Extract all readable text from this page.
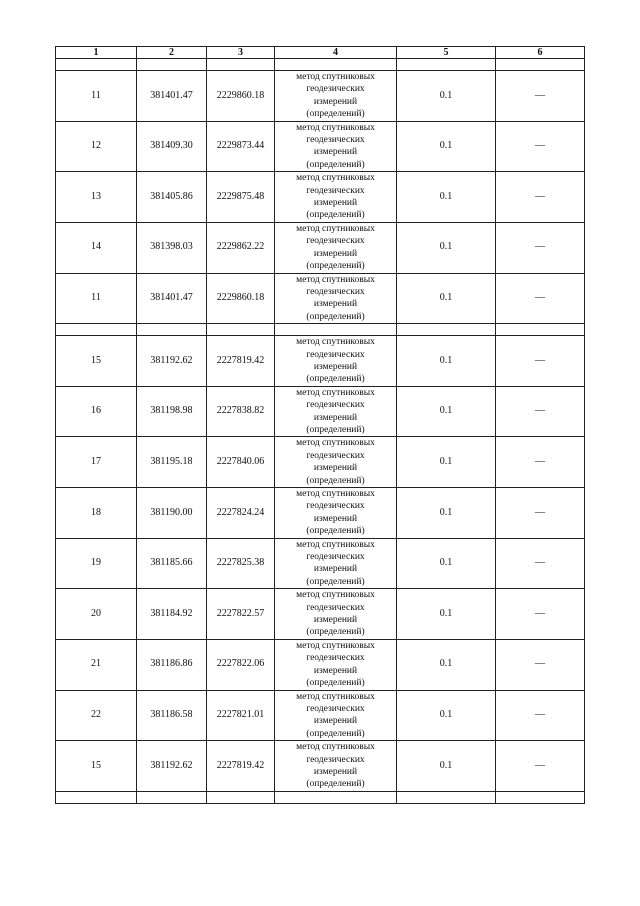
1	2	3	4	5	6

11	381401.47	2229860.18	метод спутниковых
геодезических
измерений
(определений)	0.1	—
12	381409.30	2229873.44	метод спутниковых
геодезических
измерений
(определений)	0.1	—
13	381405.86	2229875.48	метод спутниковых
геодезических
измерений
(определений)	0.1	—
14	381398.03	2229862.22	метод спутниковых
геодезических
измерений
(определений)	0.1	—
11	381401.47	2229860.18	метод спутниковых
геодезических
измерений
(определений)	0.1	—

15	381192.62	2227819.42	метод спутниковых
геодезических
измерений
(определений)	0.1	—
16	381198.98	2227838.82	метод спутниковых
геодезических
измерений
(определений)	0.1	—
17	381195.18	2227840.06	метод спутниковых
геодезических
измерений
(определений)	0.1	—
18	381190.00	2227824.24	метод спутниковых
геодезических
измерений
(определений)	0.1	—
19	381185.66	2227825.38	метод спутниковых
геодезических
измерений
(определений)	0.1	—
20	381184.92	2227822.57	метод спутниковых
геодезических
измерений
(определений)	0.1	—
21	381186.86	2227822.06	метод спутниковых
геодезических
измерений
(определений)	0.1	—
22	381186.58	2227821.01	метод спутниковых
геодезических
измерений
(определений)	0.1	—
15	381192.62	2227819.42	метод спутниковых
геодезических
измерений
(определений)	0.1	—
